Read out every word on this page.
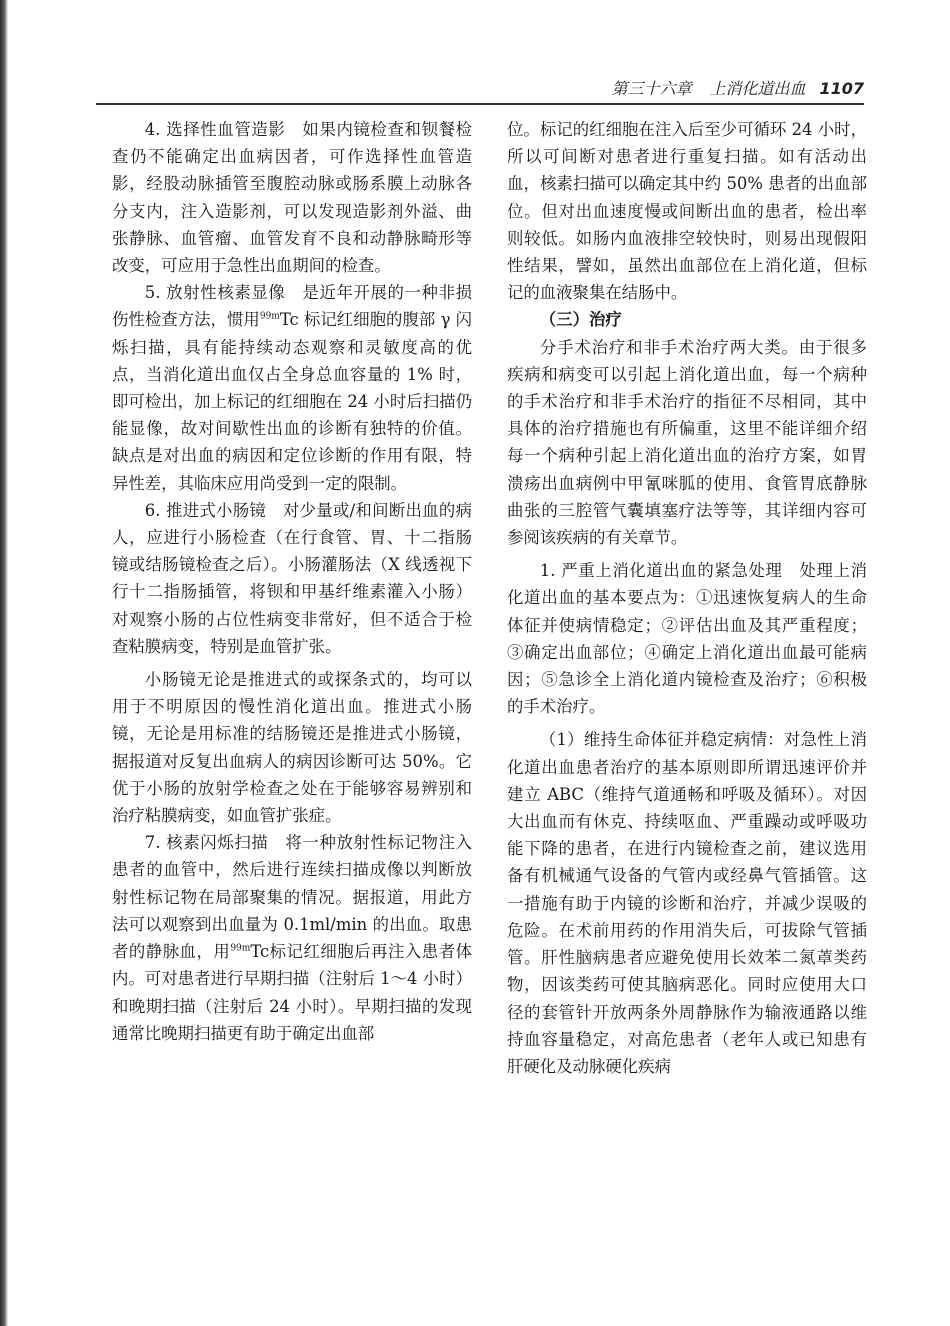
第三十六章 上消化道出血 1107

4. 选择性血管造影　如果内镜检查和钡餐检查仍不能确定出血病因者，可作选择性血管造影，经股动脉插管至腹腔动脉或肠系膜上动脉各分支内，注入造影剂，可以发现造影剂外溢、曲张静脉、血管瘤、血管发育不良和动静脉畸形等改变，可应用于急性出血期间的检查。

5. 放射性核素显像　是近年开展的一种非损伤性检查方法，惯用$^{99m}$Tc 标记红细胞的腹部 γ 闪烁扫描，具有能持续动态观察和灵敏度高的优点，当消化道出血仅占全身总血容量的 1% 时，即可检出，加上标记的红细胞在 24 小时后扫描仍能显像，故对间歇性出血的诊断有独特的价值。缺点是对出血的病因和定位诊断的作用有限，特异性差，其临床应用尚受到一定的限制。

6. 推进式小肠镜　对少量或/和间断出血的病人，应进行小肠检查（在行食管、胃、十二指肠镜或结肠镜检查之后）。小肠灌肠法（X 线透视下行十二指肠插管，将钡和甲基纤维素灌入小肠）对观察小肠的占位性病变非常好，但不适合于检查粘膜病变，特别是血管扩张。

小肠镜无论是推进式的或探条式的，均可以用于不明原因的慢性消化道出血。推进式小肠镜，无论是用标准的结肠镜还是推进式小肠镜，据报道对反复出血病人的病因诊断可达 50%。它优于小肠的放射学检查之处在于能够容易辨别和治疗粘膜病变，如血管扩张症。

7. 核素闪烁扫描　将一种放射性标记物注入患者的血管中，然后进行连续扫描成像以判断放射性标记物在局部聚集的情况。据报道，用此方法可以观察到出血量为 0.1ml/min 的出血。取患者的静脉血，用$^{99m}$Tc标记红细胞后再注入患者体内。可对患者进行早期扫描（注射后 1～4 小时）和晚期扫描（注射后 24 小时）。早期扫描的发现通常比晚期扫描更有助于确定出血部

位。标记的红细胞在注入后至少可循环 24 小时，所以可间断对患者进行重复扫描。如有活动出血，核素扫描可以确定其中约 50% 患者的出血部位。但对出血速度慢或间断出血的患者，检出率则较低。如肠内血液排空较快时，则易出现假阳性结果，譬如，虽然出血部位在上消化道，但标记的血液聚集在结肠中。

（三）治疗

分手术治疗和非手术治疗两大类。由于很多疾病和病变可以引起上消化道出血，每一个病种的手术治疗和非手术治疗的指征不尽相同，其中具体的治疗措施也有所偏重，这里不能详细介绍每一个病种引起上消化道出血的治疗方案，如胃溃疡出血病例中甲氰咪胍的使用、食管胃底静脉曲张的三腔管气囊填塞疗法等等，其详细内容可参阅该疾病的有关章节。

1. 严重上消化道出血的紧急处理　处理上消化道出血的基本要点为：①迅速恢复病人的生命体征并使病情稳定；②评估出血及其严重程度；③确定出血部位；④确定上消化道出血最可能病因；⑤急诊全上消化道内镜检查及治疗；⑥积极的手术治疗。

（1）维持生命体征并稳定病情：对急性上消化道出血患者治疗的基本原则即所谓迅速评价并建立 ABC（维持气道通畅和呼吸及循环）。对因大出血而有休克、持续呕血、严重躁动或呼吸功能下降的患者，在进行内镜检查之前，建议选用备有机械通气设备的气管内或经鼻气管插管。这一措施有助于内镜的诊断和治疗，并减少误吸的危险。在术前用药的作用消失后，可拔除气管插管。肝性脑病患者应避免使用长效苯二氮䓬类药物，因该类药可使其脑病恶化。同时应使用大口径的套管针开放两条外周静脉作为输液通路以维持血容量稳定，对高危患者（老年人或已知患有肝硬化及动脉硬化疾病
